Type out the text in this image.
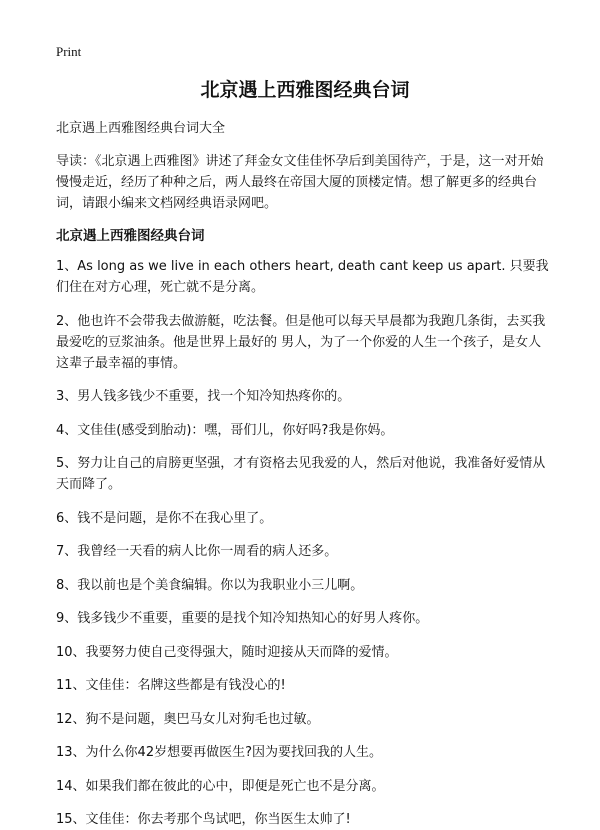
Print

北京遇上西雅图经典台词

北京遇上西雅图经典台词大全

导读：《北京遇上西雅图》讲述了拜金女文佳佳怀孕后到美国待产，于是，这一对开始慢慢走近，经历了种种之后，两人最终在帝国大厦的顶楼定情。想了解更多的经典台词，请跟小编来文档网经典语录网吧。

北京遇上西雅图经典台词
1、As long as we live in each others heart, death cant keep us apart. 只要我们住在对方心理，死亡就不是分离。
2、他也许不会带我去做游艇，吃法餐。但是他可以每天早晨都为我跑几条街，去买我最爱吃的豆浆油条。他是世界上最好的 男人，为了一个你爱的人生一个孩子，是女人这辈子最幸福的事情。
3、男人钱多钱少不重要，找一个知冷知热疼你的。
4、文佳佳(感受到胎动)：嘿，哥们儿，你好吗?我是你妈。
5、努力让自己的肩膀更坚强，才有资格去见我爱的人，然后对他说，我准备好爱情从天而降了。
6、钱不是问题，是你不在我心里了。
7、我曾经一天看的病人比你一周看的病人还多。
8、我以前也是个美食编辑。你以为我职业小三儿啊。
9、钱多钱少不重要，重要的是找个知冷知热知心的好男人疼你。
10、我要努力使自己变得强大，随时迎接从天而降的爱情。
11、文佳佳：名牌这些都是有钱没心的!
12、狗不是问题，奥巴马女儿对狗毛也过敏。
13、为什么你42岁想要再做医生?因为要找回我的人生。
14、如果我们都在彼此的心中，即便是死亡也不是分离。
15、文佳佳：你去考那个鸟试吧，你当医生太帅了!
